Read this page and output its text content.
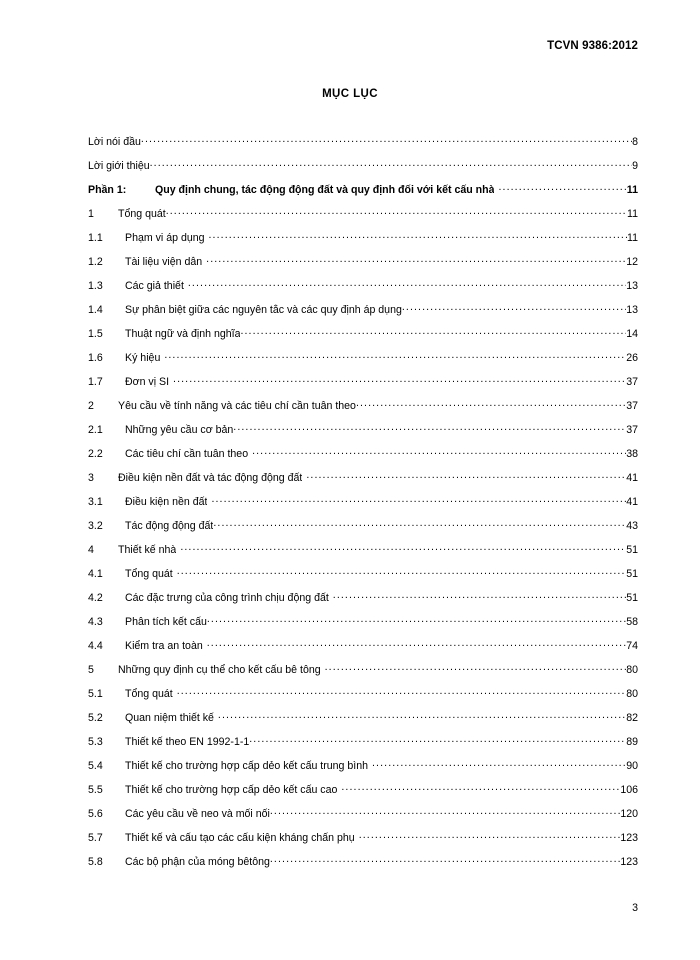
TCVN 9386:2012
MỤC LỤC
Lời nói đầu .....	8
Lời giới thiệu .....	9
Phần 1:	Quy định chung, tác động động đất và quy định đối với kết cấu nhà .....	11
1	Tổng quát .....	11
1.1	Phạm vi áp dụng .....	11
1.2	Tài liệu viện dẫn .....	12
1.3	Các giả thiết .....	13
1.4	Sự phân biệt giữa các nguyên tắc và các quy định áp dụng .....	13
1.5	Thuật ngữ và định nghĩa .....	14
1.6	Ký hiệu .....	26
1.7	Đơn vị SI .....	37
2	Yêu cầu về tính năng và các tiêu chí cần tuân theo .....	37
2.1	Những yêu cầu cơ bản .....	37
2.2	Các tiêu chí cần tuân theo .....	38
3	Điều kiện nền đất và tác động động đất .....	41
3.1	Điều kiện nền đất .....	41
3.2	Tác động động đất .....	43
4	Thiết kế nhà .....	51
4.1	Tổng quát .....	51
4.2	Các đặc trưng của công trình chịu động đất .....	51
4.3	Phân tích kết cấu .....	58
4.4	Kiểm tra an toàn .....	74
5	Những quy định cụ thể cho kết cấu bê tông .....	80
5.1	Tổng quát .....	80
5.2	Quan niệm thiết kế .....	82
5.3	Thiết kế theo EN 1992-1-1 .....	89
5.4	Thiết kế cho trường hợp cấp dẻo kết cấu trung bình .....	90
5.5	Thiết kế cho trường hợp cấp dẻo kết cấu cao .....	106
5.6	Các yêu cầu về neo và mối nối .....	120
5.7	Thiết kế và cấu tạo các cấu kiện kháng chấn phụ .....	123
5.8	Các bộ phận của móng bêtông .....	123
3
